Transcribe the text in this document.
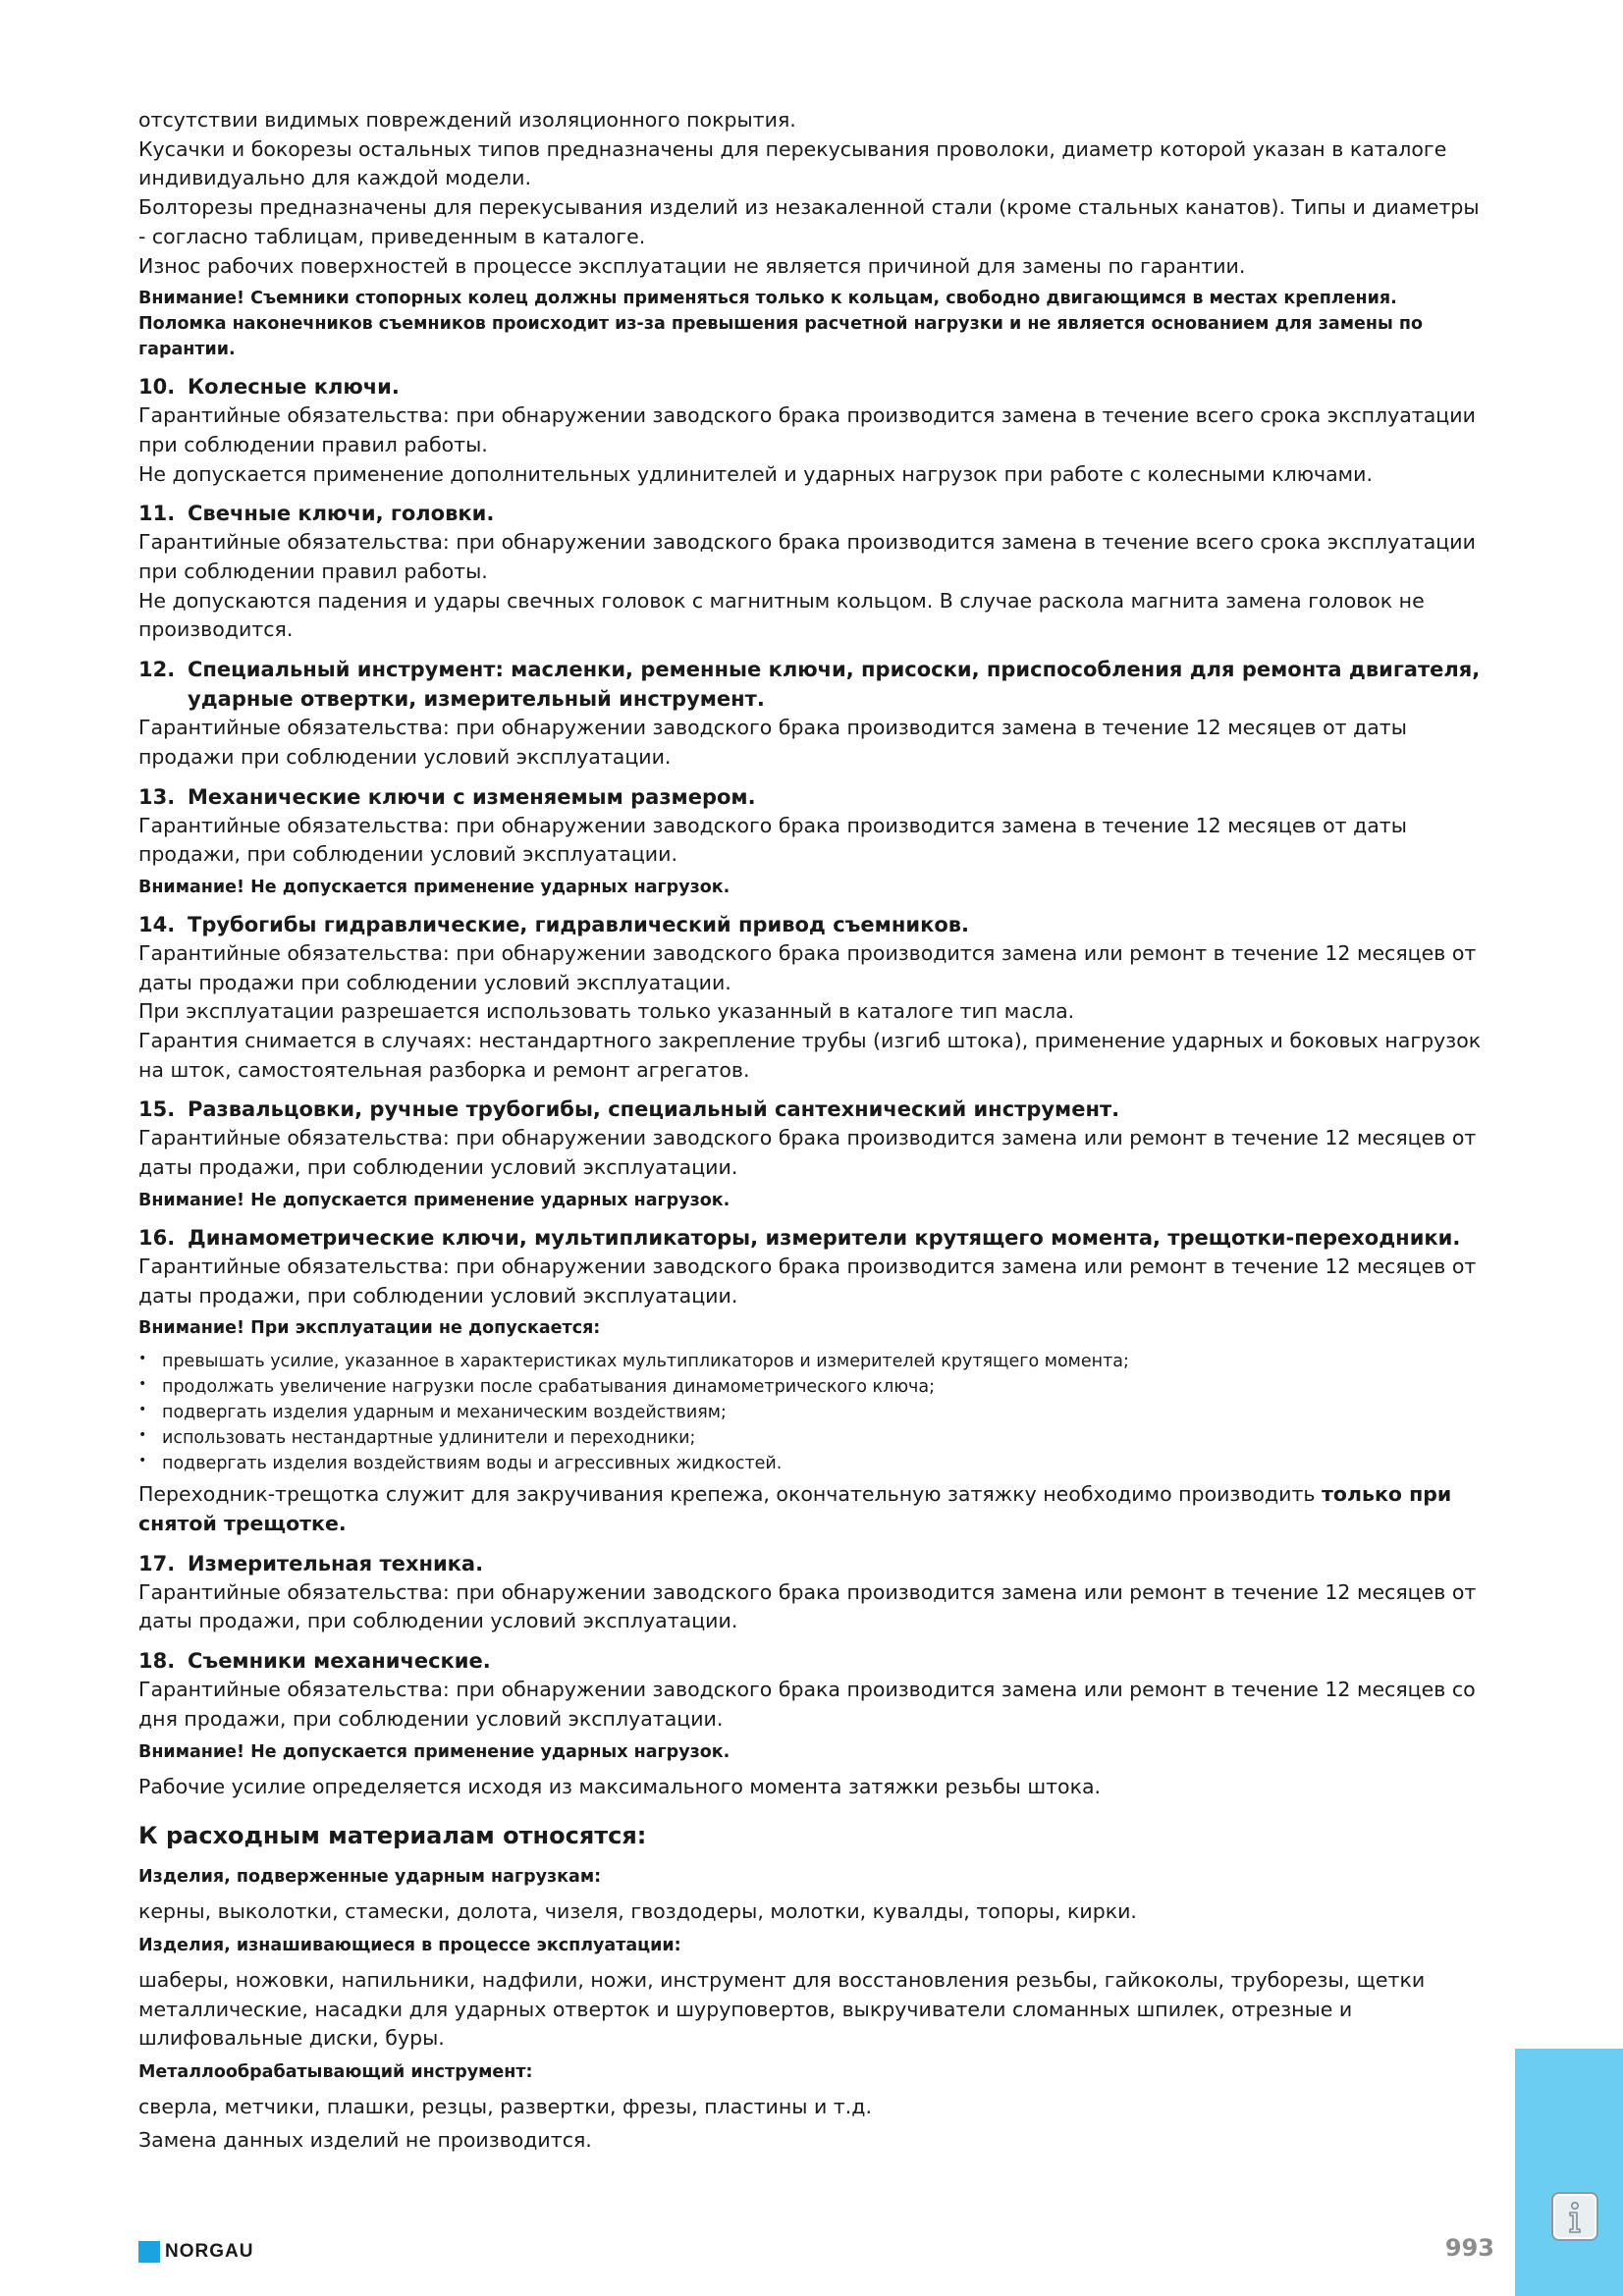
отсутствии видимых повреждений изоляционного покрытия.

Кусачки и бокорезы остальных типов предназначены для перекусывания проволоки, диаметр которой указан в каталоге индивидуально для каждой модели.

Болторезы предназначены для перекусывания изделий из незакаленной стали (кроме стальных канатов). Типы и диаметры - согласно таблицам, приведенным в каталоге.

Износ рабочих поверхностей в процессе эксплуатации не является причиной для замены по гарантии.

Внимание! Съемники стопорных колец должны применяться только к кольцам, свободно двигающимся в местах крепления. Поломка наконечников съемников происходит из-за превышения расчетной нагрузки и не является основанием для замены по гарантии.

10. Колесные ключи.

Гарантийные обязательства: при обнаружении заводского брака производится замена в течение всего срока эксплуатации при соблюдении правил работы.

Не допускается применение дополнительных удлинителей и ударных нагрузок при работе с колесными ключами.

11. Свечные ключи, головки.

Гарантийные обязательства: при обнаружении заводского брака производится замена в течение всего срока эксплуатации при соблюдении правил работы.

Не допускаются падения и удары свечных головок с магнитным кольцом. В случае раскола магнита замена головок не производится.

12. Специальный инструмент: масленки, ременные ключи, присоски, приспособления для ремонта двигателя, ударные отвертки, измерительный инструмент.

Гарантийные обязательства: при обнаружении заводского брака производится замена в течение 12 месяцев от даты продажи при соблюдении условий эксплуатации.

13. Механические ключи с изменяемым размером.

Гарантийные обязательства: при обнаружении заводского брака производится замена в течение 12 месяцев от даты продажи, при соблюдении условий эксплуатации.

Внимание! Не допускается применение ударных нагрузок.

14. Трубогибы гидравлические, гидравлический привод съемников.

Гарантийные обязательства: при обнаружении заводского брака производится замена или ремонт в течение 12 месяцев от даты продажи при соблюдении условий эксплуатации.

При эксплуатации разрешается использовать только указанный в каталоге тип масла.

Гарантия снимается в случаях: нестандартного закрепление трубы (изгиб штока), применение ударных и боковых нагрузок на шток, самостоятельная разборка и ремонт агрегатов.

15. Развальцовки, ручные трубогибы, специальный сантехнический инструмент.

Гарантийные обязательства: при обнаружении заводского брака производится замена или ремонт в течение 12 месяцев от даты продажи, при соблюдении условий эксплуатации.

Внимание! Не допускается применение ударных нагрузок.

16. Динамометрические ключи, мультипликаторы, измерители крутящего момента, трещотки-переходники.

Гарантийные обязательства: при обнаружении заводского брака производится замена или ремонт в течение 12 месяцев от даты продажи, при соблюдении условий эксплуатации.

Внимание! При эксплуатации не допускается:

• превышать усилие, указанное в характеристиках мультипликаторов и измерителей крутящего момента;
• продолжать увеличение нагрузки после срабатывания динамометрического ключа;
• подвергать изделия ударным и механическим воздействиям;
• использовать нестандартные удлинители и переходники;
• подвергать изделия воздействиям воды и агрессивных жидкостей.

Переходник-трещотка служит для закручивания крепежа, окончательную затяжку необходимо производить только при снятой трещотке.

17. Измерительная техника.

Гарантийные обязательства: при обнаружении заводского брака производится замена или ремонт в течение 12 месяцев от даты продажи, при соблюдении условий эксплуатации.

18. Съемники механические.

Гарантийные обязательства: при обнаружении заводского брака производится замена или ремонт в течение 12 месяцев со дня продажи, при соблюдении условий эксплуатации.

Внимание! Не допускается применение ударных нагрузок.

Рабочие усилие определяется исходя из максимального момента затяжки резьбы штока.

К расходным материалам относятся:
Изделия, подверженные ударным нагрузкам:

керны, выколотки, стамески, долота, чизеля, гвоздодеры, молотки, кувалды, топоры, кирки.

Изделия, изнашивающиеся в процессе эксплуатации:

шаберы, ножовки, напильники, надфили, ножи, инструмент для восстановления резьбы, гайкоколы, труборезы, щетки металлические, насадки для ударных отверток и шуруповертов, выкручиватели сломанных шпилек, отрезные и шлифовальные диски, буры.

Металлообрабатывающий инструмент:

сверла, метчики, плашки, резцы, развертки, фрезы, пластины и т.д.

Замена данных изделий не производится.

NORGAU	993
